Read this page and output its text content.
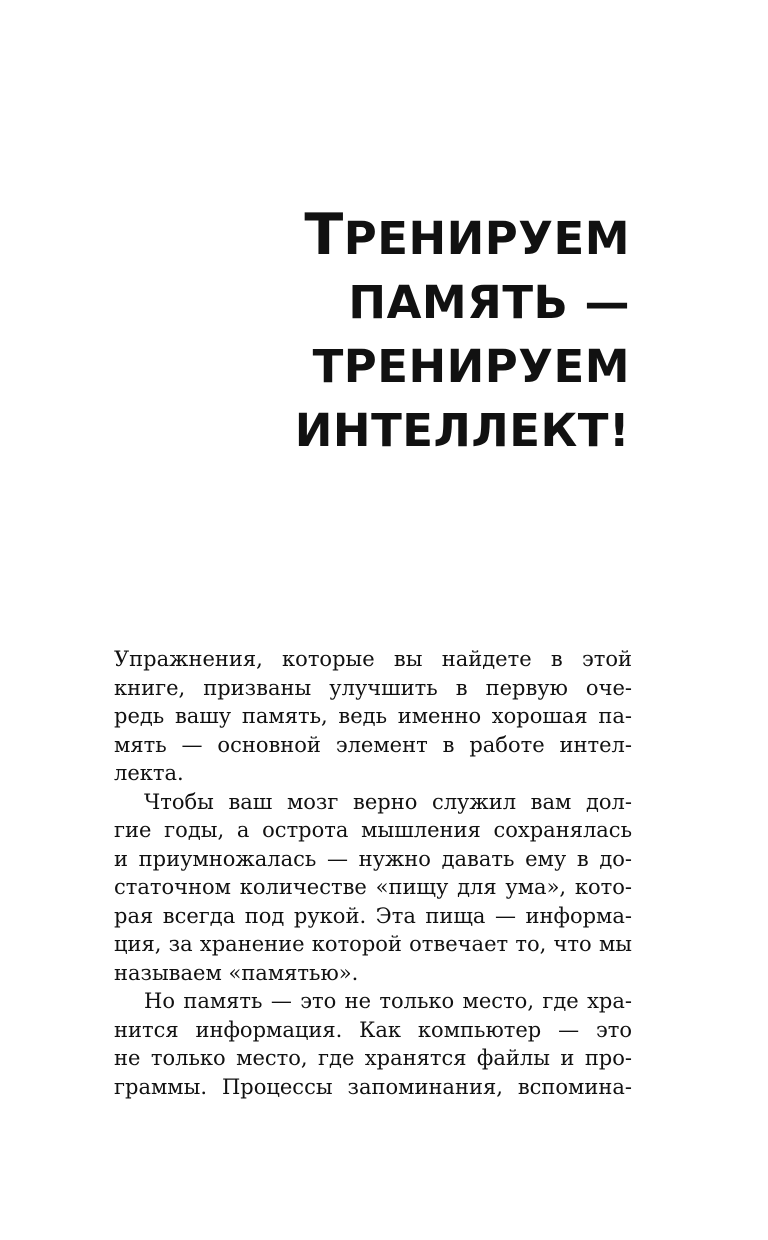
ТРЕНИРУЕМ
ПАМЯТЬ —
ТРЕНИРУЕМ
ИНТЕЛЛЕКТ!
Упражнения, которые вы найдете в этой
книге, призваны улучшить в первую оче-
редь вашу память, ведь именно хорошая па-
мять — основной элемент в работе интел-
лекта.
Чтобы ваш мозг верно служил вам дол-
гие годы, а острота мышления сохранялась
и приумножалась — нужно давать ему в до-
статочном количестве «пищу для ума», кото-
рая всегда под рукой. Эта пища — информа-
ция, за хранение которой отвечает то, что мы
называем «памятью».
Но память — это не только место, где хра-
нится информация. Как компьютер — это
не только место, где хранятся файлы и про-
граммы. Процессы запоминания, вспомина-
